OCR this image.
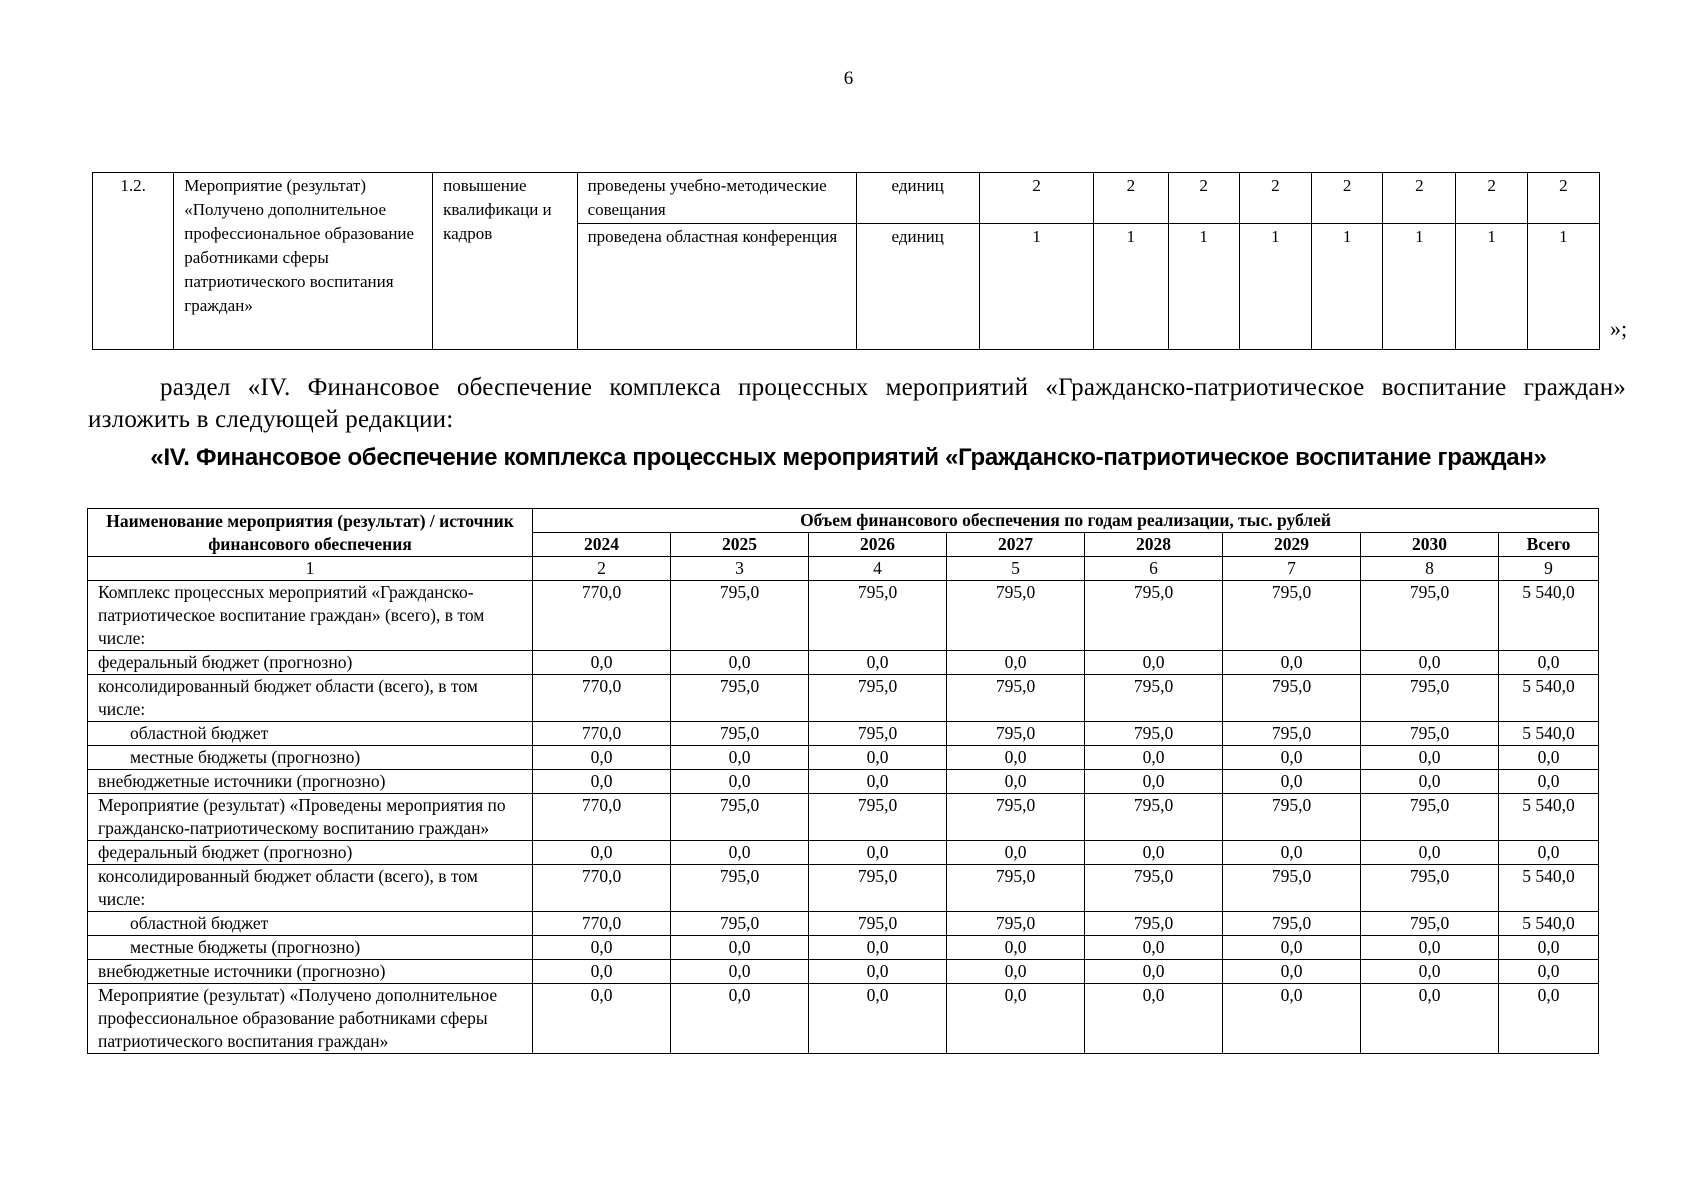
6
1.2.	Мероприятие (результат) «Получено дополнительное профессиональное образование работниками сферы патриотического воспитания граждан»	повышение квалификаци и кадров	проведены учебно-методические совещания	единиц	2	2	2	2	2	2	2	2
			проведена областная конференция	единиц	1	1	1	1	1	1	1	1
»;
раздел «IV. Финансовое обеспечение комплекса процессных мероприятий «Гражданско-патриотическое воспитание граждан» изложить в следующей редакции:
«IV. Финансовое обеспечение комплекса процессных мероприятий «Гражданско-патриотическое воспитание граждан»
Наименование мероприятия (результат) / источник финансового обеспечения	Объем финансового обеспечения по годам реализации, тыс. рублей							
	2024	2025	2026	2027	2028	2029	2030	Всего
1	2	3	4	5	6	7	8	9
Комплекс процессных мероприятий «Гражданско-патриотическое воспитание граждан» (всего), в том числе:	770,0	795,0	795,0	795,0	795,0	795,0	795,0	5 540,0
федеральный бюджет (прогнозно)	0,0	0,0	0,0	0,0	0,0	0,0	0,0	0,0
консолидированный бюджет области (всего), в том числе:	770,0	795,0	795,0	795,0	795,0	795,0	795,0	5 540,0
областной бюджет	770,0	795,0	795,0	795,0	795,0	795,0	795,0	5 540,0
местные бюджеты (прогнозно)	0,0	0,0	0,0	0,0	0,0	0,0	0,0	0,0
внебюджетные источники (прогнозно)	0,0	0,0	0,0	0,0	0,0	0,0	0,0	0,0
Мероприятие (результат) «Проведены мероприятия по гражданско-патриотическому воспитанию граждан»	770,0	795,0	795,0	795,0	795,0	795,0	795,0	5 540,0
федеральный бюджет (прогнозно)	0,0	0,0	0,0	0,0	0,0	0,0	0,0	0,0
консолидированный бюджет области (всего), в том числе:	770,0	795,0	795,0	795,0	795,0	795,0	795,0	5 540,0
областной бюджет	770,0	795,0	795,0	795,0	795,0	795,0	795,0	5 540,0
местные бюджеты (прогнозно)	0,0	0,0	0,0	0,0	0,0	0,0	0,0	0,0
внебюджетные источники (прогнозно)	0,0	0,0	0,0	0,0	0,0	0,0	0,0	0,0
Мероприятие (результат) «Получено дополнительное профессиональное образование работниками сферы патриотического воспитания граждан»	0,0	0,0	0,0	0,0	0,0	0,0	0,0	0,0
